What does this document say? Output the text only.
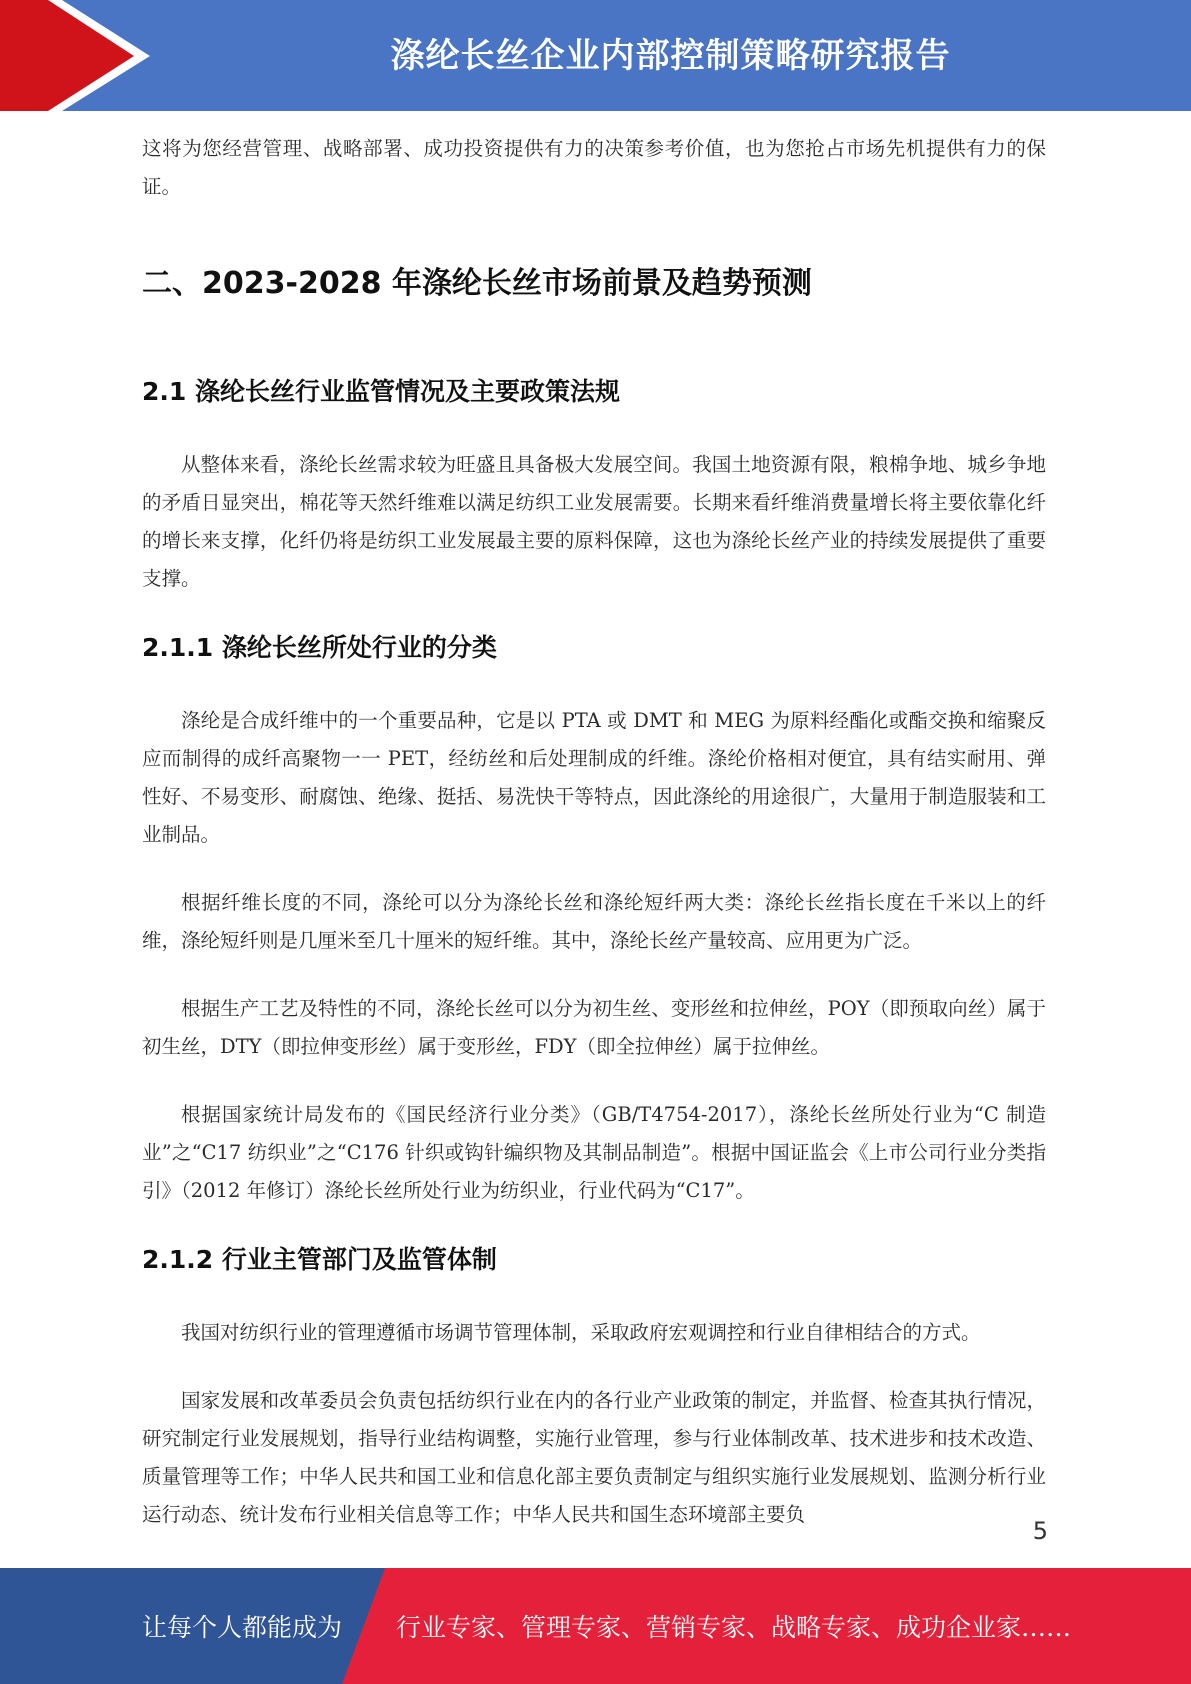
涤纶长丝企业内部控制策略研究报告

这将为您经营管理、战略部署、成功投资提供有力的决策参考价值，也为您抢占市场先机提供有力的保证。

二、2023-2028 年涤纶长丝市场前景及趋势预测
2.1 涤纶长丝行业监管情况及主要政策法规

从整体来看，涤纶长丝需求较为旺盛且具备极大发展空间。我国土地资源有限，粮棉争地、城乡争地的矛盾日显突出，棉花等天然纤维难以满足纺织工业发展需要。长期来看纤维消费量增长将主要依靠化纤的增长来支撑，化纤仍将是纺织工业发展最主要的原料保障，这也为涤纶长丝产业的持续发展提供了重要支撑。

2.1.1 涤纶长丝所处行业的分类

涤纶是合成纤维中的一个重要品种，它是以 PTA 或 DMT 和 MEG 为原料经酯化或酯交换和缩聚反应而制得的成纤高聚物一一 PET，经纺丝和后处理制成的纤维。涤纶价格相对便宜，具有结实耐用、弹性好、不易变形、耐腐蚀、绝缘、挺括、易洗快干等特点，因此涤纶的用途很广，大量用于制造服装和工业制品。

根据纤维长度的不同，涤纶可以分为涤纶长丝和涤纶短纤两大类：涤纶长丝指长度在千米以上的纤维，涤纶短纤则是几厘米至几十厘米的短纤维。其中，涤纶长丝产量较高、应用更为广泛。

根据生产工艺及特性的不同，涤纶长丝可以分为初生丝、变形丝和拉伸丝，POY（即预取向丝）属于初生丝，DTY（即拉伸变形丝）属于变形丝，FDY（即全拉伸丝）属于拉伸丝。

根据国家统计局发布的《国民经济行业分类》（GB/T4754-2017），涤纶长丝所处行业为“C 制造业”之“C17 纺织业”之“C176 针织或钩针编织物及其制品制造”。根据中国证监会《上市公司行业分类指引》（2012 年修订）涤纶长丝所处行业为纺织业，行业代码为“C17”。

2.1.2 行业主管部门及监管体制

我国对纺织行业的管理遵循市场调节管理体制，采取政府宏观调控和行业自律相结合的方式。

国家发展和改革委员会负责包括纺织行业在内的各行业产业政策的制定，并监督、检查其执行情况，研究制定行业发展规划，指导行业结构调整，实施行业管理，参与行业体制改革、技术进步和技术改造、质量管理等工作；中华人民共和国工业和信息化部主要负责制定与组织实施行业发展规划、监测分析行业运行动态、统计发布行业相关信息等工作；中华人民共和国生态环境部主要负

5
让每个人都能成为 行业专家、管理专家、营销专家、战略专家、成功企业家……
